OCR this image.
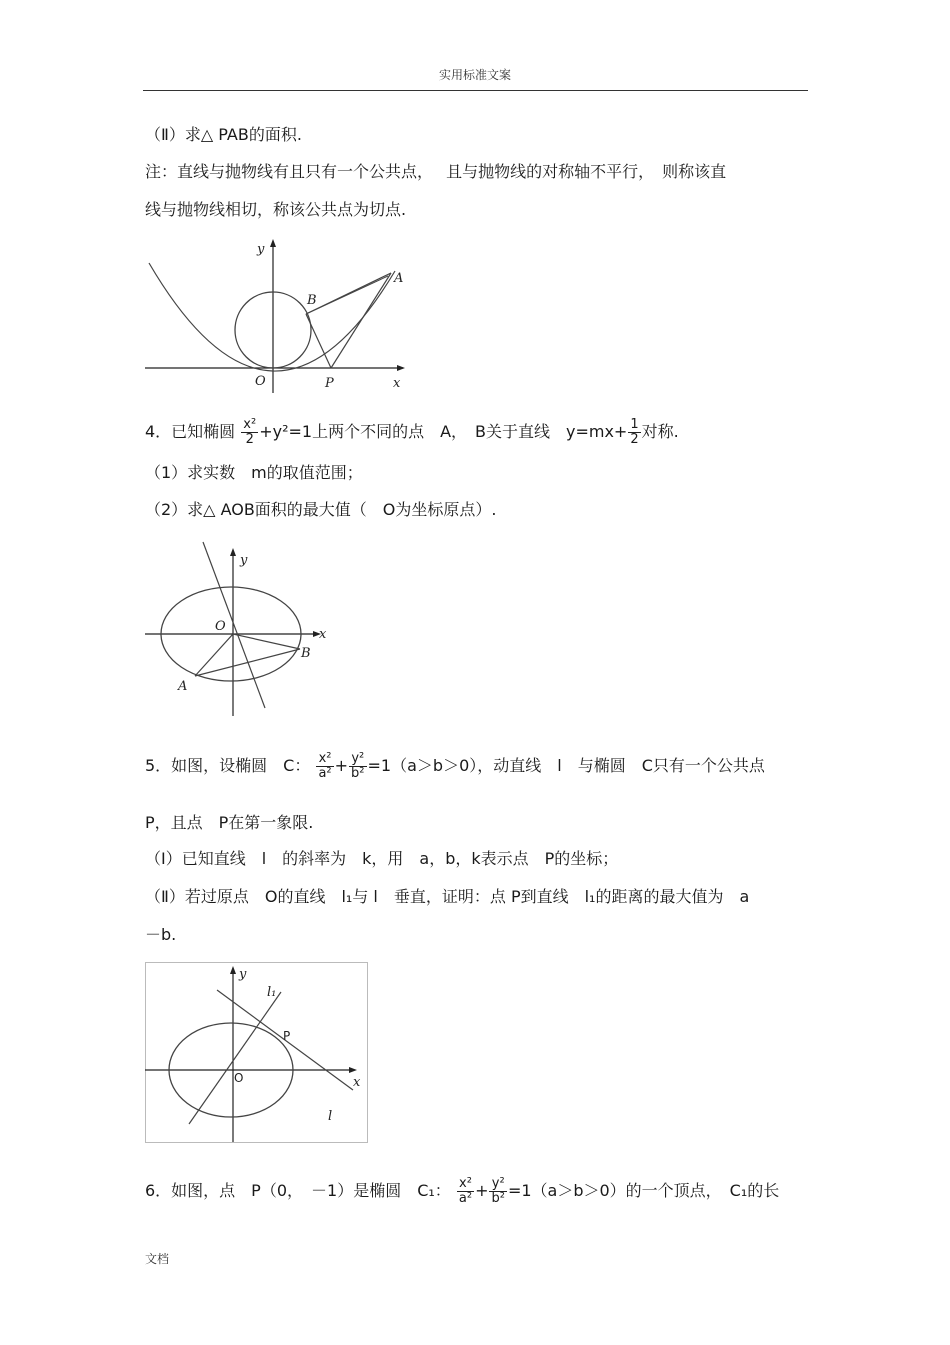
实用标准文案
（Ⅱ）求△ PAB的面积.
注：直线与抛物线有且只有一个公共点，　 且与抛物线的对称轴不平行，　则称该直
线与抛物线相切，称该公共点为切点.
y
x
O	P
A
B
4．已知椭圆 $\frac{\text{x²}}{2} +y^2=1$上两个不同的点　A，　B关于直线　$y=mx+ \frac{1}{2}$ 对称.
（1）求实数　m的取值范围；
（2）求△ AOB面积的最大值（　O为坐标原点）.
y
x
O
A
B
5．如图，设椭圆　C： $\frac{\text{x²}}{\text{a²}} + \frac{\text{y²}}{\text{b²}} =1(a>b>0)$，动直线　l　与椭圆　C只有一个公共点
P，且点　P在第一象限.
（Ⅰ）已知直线　l　的斜率为　k，用　a，b，k表示点　P的坐标；
（Ⅱ）若过原点　O的直线　l₁与 l　垂直，证明：点 P到直线　l₁的距离的最大值为　a
－b.
y
x
O
P
l₁
l
6．如图，点　P（0，　－1）是椭圆　C₁： $\frac{\text{x²}}{\text{a²}} + \frac{\text{y²}}{\text{b²}} =1(a>b>0)$的一个顶点，　C₁的长
文档
